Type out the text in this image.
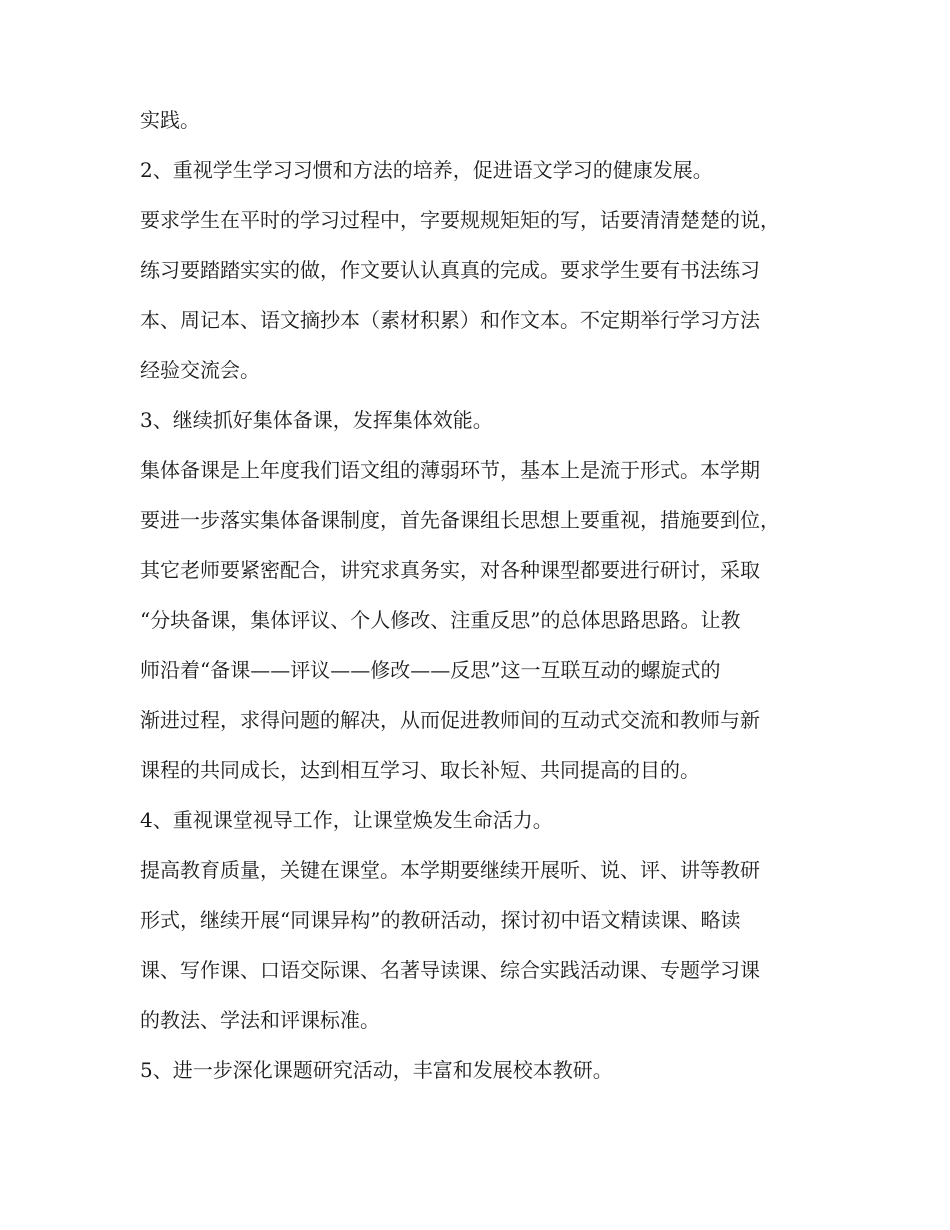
实践。

2、重视学生学习习惯和方法的培养，促进语文学习的健康发展。

要求学生在平时的学习过程中，字要规规矩矩的写，话要清清楚楚的说，

练习要踏踏实实的做，作文要认认真真的完成。要求学生要有书法练习

本、周记本、语文摘抄本（素材积累）和作文本。不定期举行学习方法

经验交流会。

3、继续抓好集体备课，发挥集体效能。

集体备课是上年度我们语文组的薄弱环节，基本上是流于形式。本学期

要进一步落实集体备课制度，首先备课组长思想上要重视，措施要到位，

其它老师要紧密配合，讲究求真务实，对各种课型都要进行研讨，采取

“分块备课，集体评议、个人修改、注重反思”的总体思路思路。让教

师沿着“备课——评议——修改——反思”这一互联互动的螺旋式的

渐进过程，求得问题的解决，从而促进教师间的互动式交流和教师与新

课程的共同成长，达到相互学习、取长补短、共同提高的目的。

4、重视课堂视导工作，让课堂焕发生命活力。

提高教育质量，关键在课堂。本学期要继续开展听、说、评、讲等教研

形式，继续开展“同课异构”的教研活动，探讨初中语文精读课、略读

课、写作课、口语交际课、名著导读课、综合实践活动课、专题学习课

的教法、学法和评课标准。

5、进一步深化课题研究活动，丰富和发展校本教研。
